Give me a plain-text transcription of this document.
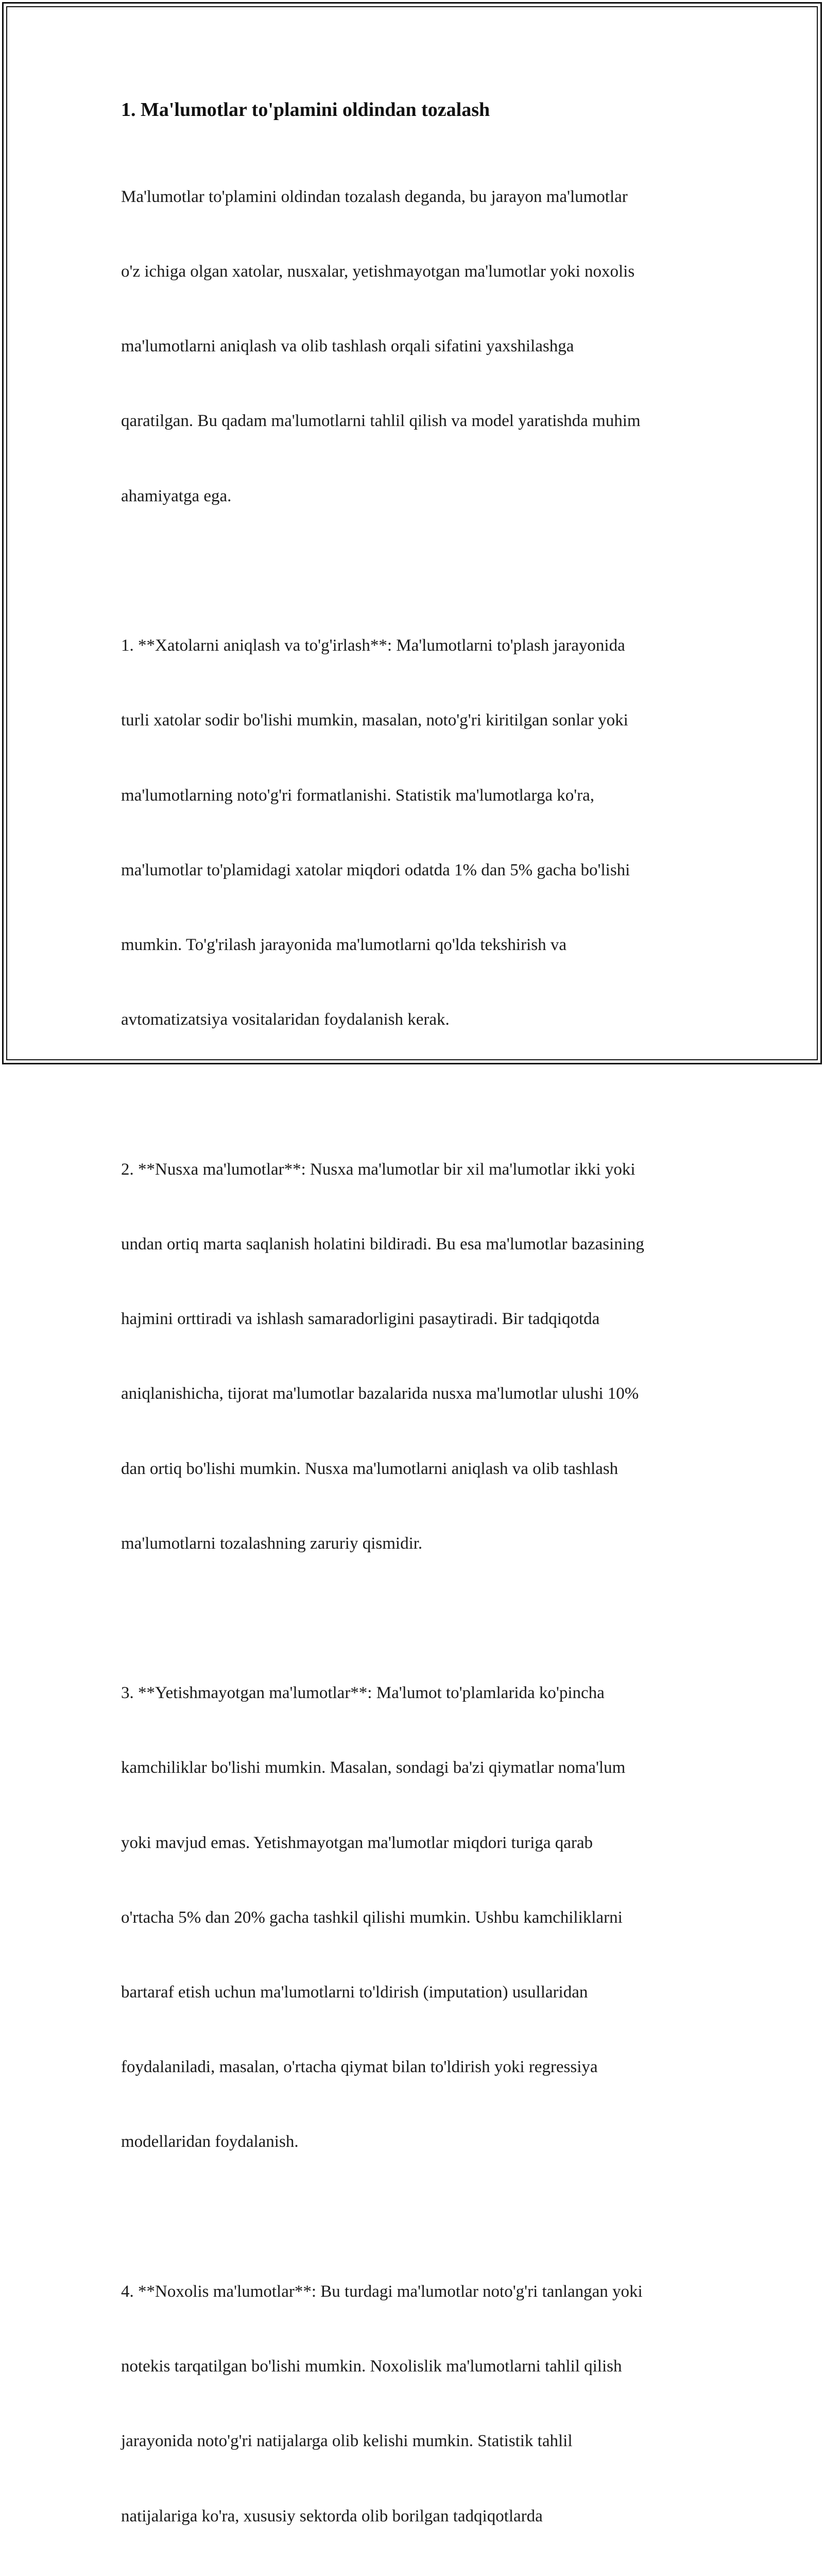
1. Ma'lumotlar to'plamini oldindan tozalash

Ma'lumotlar to'plamini oldindan tozalash deganda, bu jarayon ma'lumotlar

o'z ichiga olgan xatolar, nusxalar, yetishmayotgan ma'lumotlar yoki noxolis

ma'lumotlarni aniqlash va olib tashlash orqali sifatini yaxshilashga

qaratilgan. Bu qadam ma'lumotlarni tahlil qilish va model yaratishda muhim

ahamiyatga ega.

1. **Xatolarni aniqlash va to'g'irlash**: Ma'lumotlarni to'plash jarayonida

turli xatolar sodir bo'lishi mumkin, masalan, noto'g'ri kiritilgan sonlar yoki

ma'lumotlarning noto'g'ri formatlanishi. Statistik ma'lumotlarga ko'ra,

ma'lumotlar to'plamidagi xatolar miqdori odatda 1% dan 5% gacha bo'lishi

mumkin. To'g'rilash jarayonida ma'lumotlarni qo'lda tekshirish va

avtomatizatsiya vositalaridan foydalanish kerak.

2. **Nusxa ma'lumotlar**: Nusxa ma'lumotlar bir xil ma'lumotlar ikki yoki

undan ortiq marta saqlanish holatini bildiradi. Bu esa ma'lumotlar bazasining

hajmini orttiradi va ishlash samaradorligini pasaytiradi. Bir tadqiqotda

aniqlanishicha, tijorat ma'lumotlar bazalarida nusxa ma'lumotlar ulushi 10%

dan ortiq bo'lishi mumkin. Nusxa ma'lumotlarni aniqlash va olib tashlash

ma'lumotlarni tozalashning zaruriy qismidir.

3. **Yetishmayotgan ma'lumotlar**: Ma'lumot to'plamlarida ko'pincha

kamchiliklar bo'lishi mumkin. Masalan, sondagi ba'zi qiymatlar noma'lum

yoki mavjud emas. Yetishmayotgan ma'lumotlar miqdori turiga qarab

o'rtacha 5% dan 20% gacha tashkil qilishi mumkin. Ushbu kamchiliklarni

bartaraf etish uchun ma'lumotlarni to'ldirish (imputation) usullaridan

foydalaniladi, masalan, o'rtacha qiymat bilan to'ldirish yoki regressiya

modellaridan foydalanish.

4. **Noxolis ma'lumotlar**: Bu turdagi ma'lumotlar noto'g'ri tanlangan yoki

notekis tarqatilgan bo'lishi mumkin. Noxolislik ma'lumotlarni tahlil qilish

jarayonida noto'g'ri natijalarga olib kelishi mumkin. Statistik tahlil

natijalariga ko'ra, xususiy sektorda olib borilgan tadqiqotlarda
